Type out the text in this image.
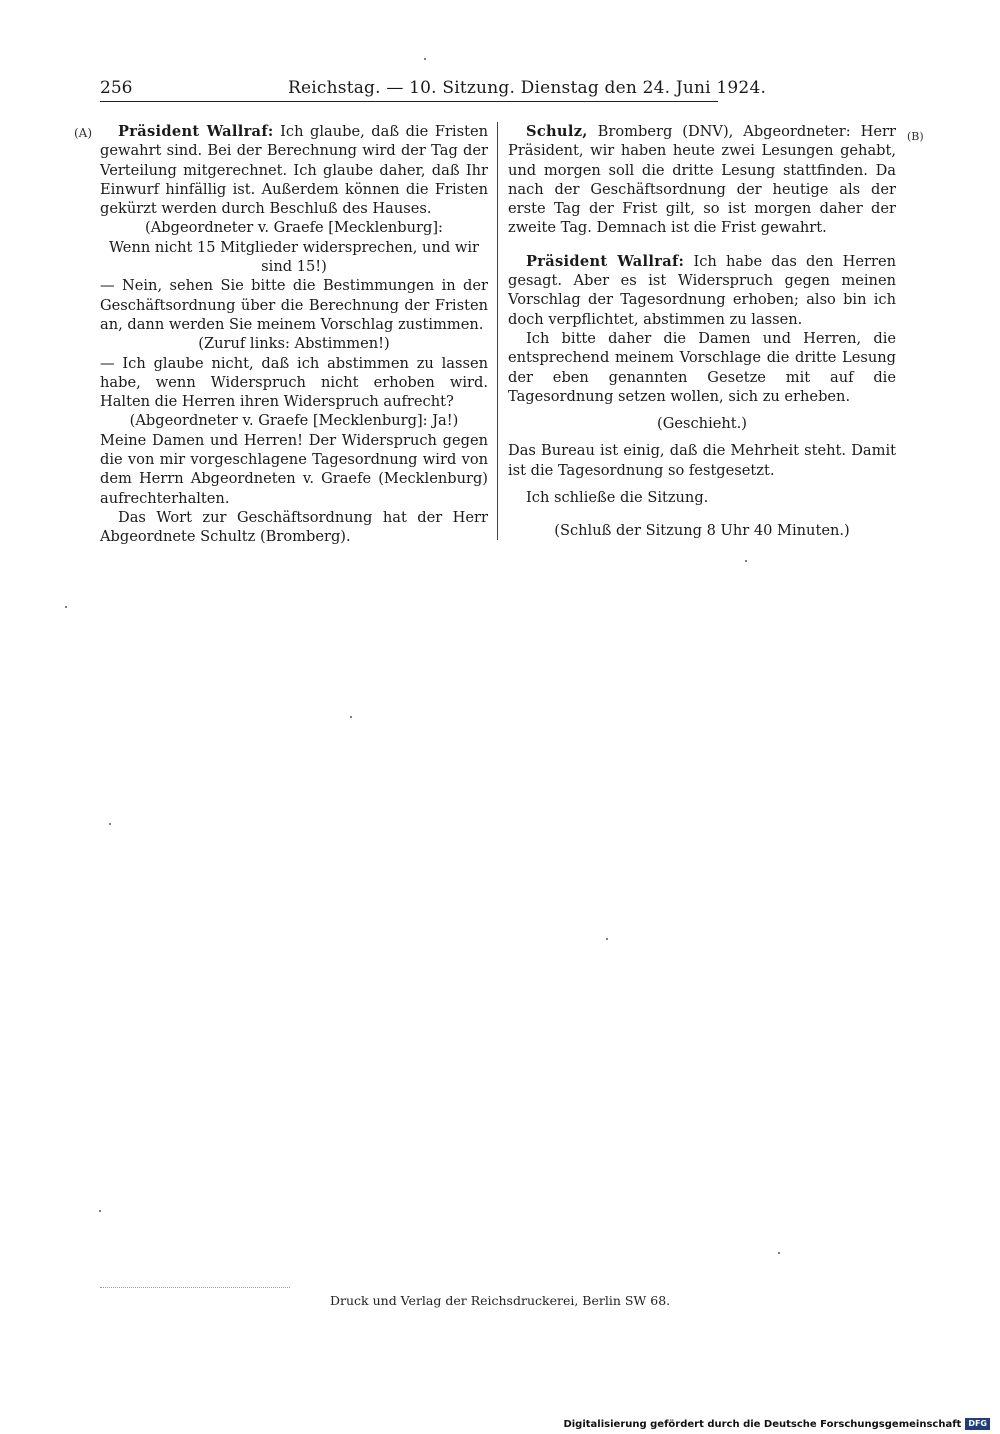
256	Reichstag. — 10. Sitzung. Dienstag den 24. Juni 1924.
(A)	(B)

Präsident Wallraf: Ich glaube, daß die Fristen gewahrt sind. Bei der Berechnung wird der Tag der Verteilung mitgerechnet. Ich glaube daher, daß Ihr Einwurf hinfällig ist. Außerdem können die Fristen gekürzt werden durch Beschluß des Hauses.

(Abgeordneter v. Graefe [Mecklenburg]:

Wenn nicht 15 Mitglieder widersprechen, und wir sind 15!)

— Nein, sehen Sie bitte die Bestimmungen in der Geschäftsordnung über die Berechnung der Fristen an, dann werden Sie meinem Vorschlag zustimmen.

(Zuruf links: Abstimmen!)

— Ich glaube nicht, daß ich abstimmen zu lassen habe, wenn Widerspruch nicht erhoben wird. Halten die Herren ihren Widerspruch aufrecht?

(Abgeordneter v. Graefe [Mecklenburg]: Ja!)

Meine Damen und Herren! Der Widerspruch gegen die von mir vorgeschlagene Tagesordnung wird von dem Herrn Abgeordneten v. Graefe (Mecklenburg) aufrechterhalten.

Das Wort zur Geschäftsordnung hat der Herr Abgeordnete Schultz (Bromberg).

Schulz, Bromberg (DNV), Abgeordneter: Herr Präsident, wir haben heute zwei Lesungen gehabt, und morgen soll die dritte Lesung stattfinden. Da nach der Geschäftsordnung der heutige als der erste Tag der Frist gilt, so ist morgen daher der zweite Tag. Demnach ist die Frist gewahrt.

Präsident Wallraf: Ich habe das den Herren gesagt. Aber es ist Widerspruch gegen meinen Vorschlag der Tagesordnung erhoben; also bin ich doch verpflichtet, abstimmen zu lassen.

Ich bitte daher die Damen und Herren, die entsprechend meinem Vorschlage die dritte Lesung der eben genannten Gesetze mit auf die Tagesordnung setzen wollen, sich zu erheben.

(Geschieht.)

Das Bureau ist einig, daß die Mehrheit steht. Damit ist die Tagesordnung so festgesetzt.

Ich schließe die Sitzung.

(Schluß der Sitzung 8 Uhr 40 Minuten.)

Druck und Verlag der Reichsdruckerei, Berlin SW 68.
Digitalisierung gefördert durch die Deutsche Forschungsgemeinschaft DFG
